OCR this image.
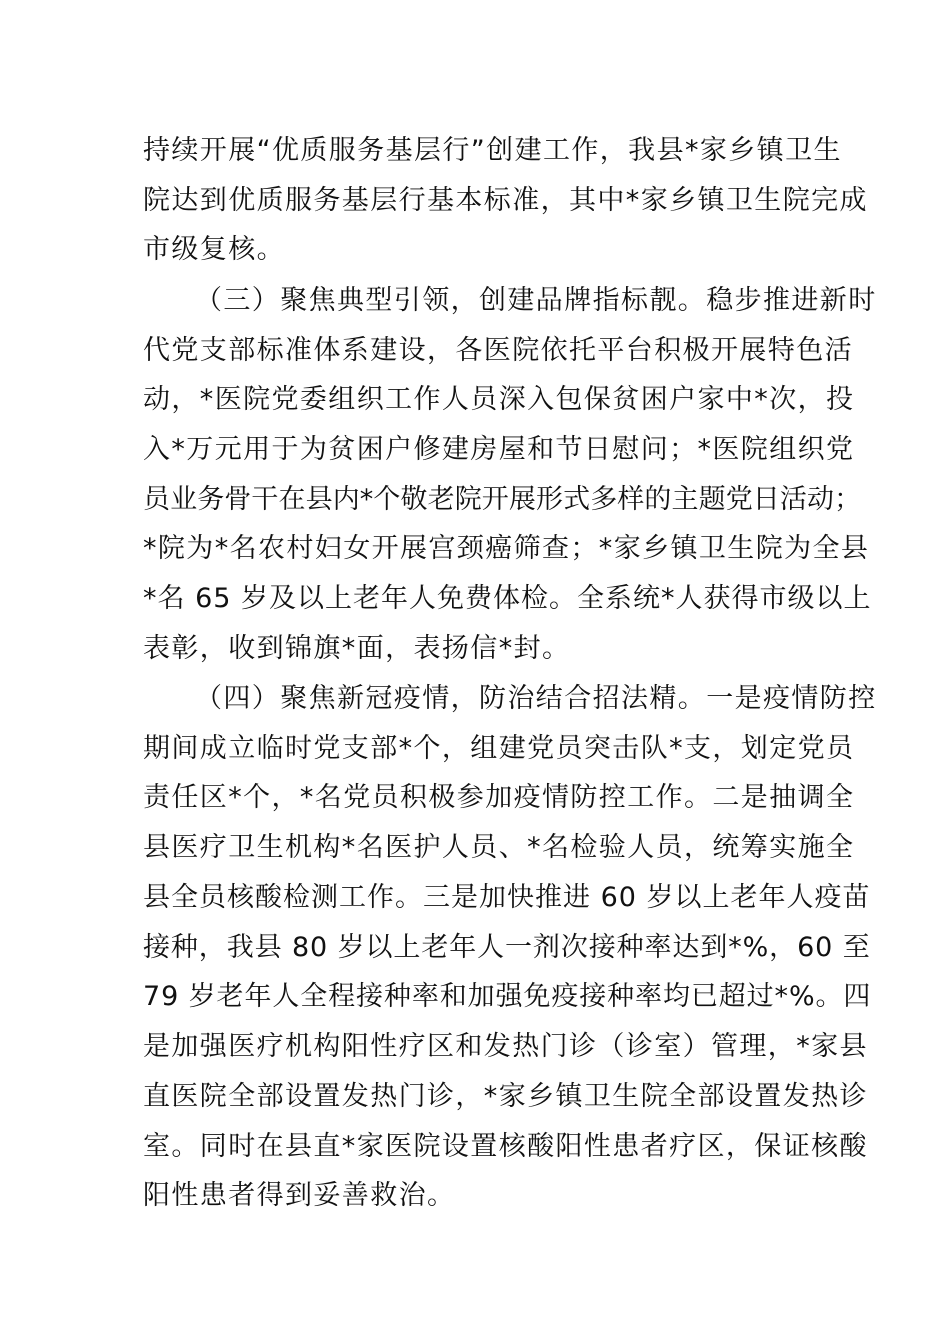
持续开展“优质服务基层行”创建工作，我县*家乡镇卫生

院达到优质服务基层行基本标准，其中*家乡镇卫生院完成

市级复核。

（三）聚焦典型引领，创建品牌指标靓。稳步推进新时

代党支部标准体系建设，各医院依托平台积极开展特色活

动，*医院党委组织工作人员深入包保贫困户家中*次，投

入*万元用于为贫困户修建房屋和节日慰问；*医院组织党

员业务骨干在县内*个敬老院开展形式多样的主题党日活动；

*院为*名农村妇女开展宫颈癌筛查；*家乡镇卫生院为全县

*名 65 岁及以上老年人免费体检。全系统*人获得市级以上

表彰，收到锦旗*面，表扬信*封。

（四）聚焦新冠疫情，防治结合招法精。一是疫情防控

期间成立临时党支部*个，组建党员突击队*支，划定党员

责任区*个，*名党员积极参加疫情防控工作。二是抽调全

县医疗卫生机构*名医护人员、*名检验人员，统筹实施全

县全员核酸检测工作。三是加快推进 60 岁以上老年人疫苗

接种，我县 80 岁以上老年人一剂次接种率达到*%，60 至

79 岁老年人全程接种率和加强免疫接种率均已超过*%。四

是加强医疗机构阳性疗区和发热门诊（诊室）管理，*家县

直医院全部设置发热门诊，*家乡镇卫生院全部设置发热诊

室。同时在县直*家医院设置核酸阳性患者疗区，保证核酸

阳性患者得到妥善救治。
